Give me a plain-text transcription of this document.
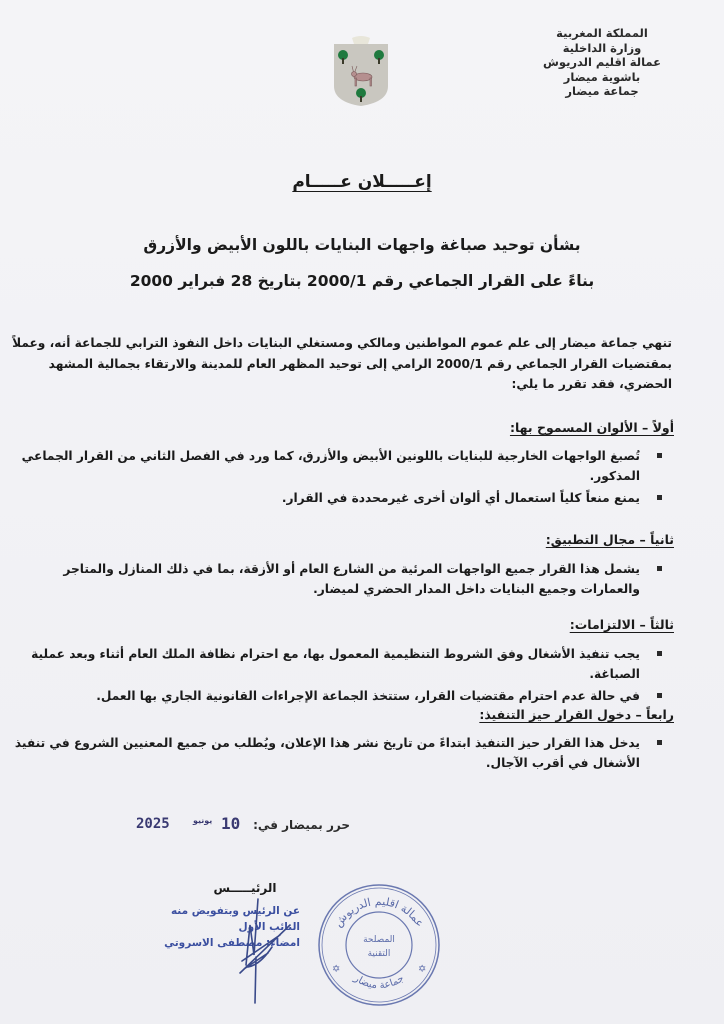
المملكة المغربية
وزارة الداخلية
عمالة اقليم الدريوش
باشوية ميضار
جماعة ميضار
إعـــــلان عـــــام
بشأن توحيد صباغة واجهات البنايات باللون الأبيض والأزرق
بناءً على القرار الجماعي رقم 2000/1 بتاريخ 28 فبراير 2000
تنهي جماعة ميضار إلى علم عموم المواطنين ومالكي ومستغلي البنايات داخل النفوذ الترابي للجماعة أنه، وعملاً
بمقتضيات القرار الجماعي رقم 2000/1 الرامي إلى توحيد المظهر العام للمدينة والارتقاء بجمالية المشهد
الحضري، فقد تقرر ما يلي:
أولاً – الألوان المسموح بها:
تُصبغ الواجهات الخارجية للبنايات باللونين الأبيض والأزرق، كما ورد في الفصل الثاني من القرار الجماعي
المذكور.
يمنع منعاً كلياً استعمال أي ألوان أخرى غيرمحددة في القرار.
ثانياً – مجال التطبيق:
يشمل هذا القرار جميع الواجهات المرئية من الشارع العام أو الأزقة، بما في ذلك المنازل والمتاجر
والعمارات وجميع البنايات داخل المدار الحضري لميضار.
ثالثاً – الالتزامات:
يجب تنفيذ الأشغال وفق الشروط التنظيمية المعمول بها، مع احترام نظافة الملك العام أثناء وبعد عملية
الصباغة.
في حالة عدم احترام مقتضيات القرار، ستتخذ الجماعة الإجراءات القانونية الجاري بها العمل.
رابعاً – دخول القرار حيز التنفيذ:
يدخل هذا القرار حيز التنفيذ ابتداءً من تاريخ نشر هذا الإعلان، ويُطلب من جميع المعنيين الشروع في تنفيذ
الأشغال في أقرب الآجال.
حرر بميضار في:
10
يونيو
2025
الرئيـــــس
عن الرئيس وبتفويض منه
النائب الأول
امضاء: مصطفى الاسروتي
عمالة اقليم الدريوش
جماعة ميضار
المصلحة
التقنية
✡	✡
